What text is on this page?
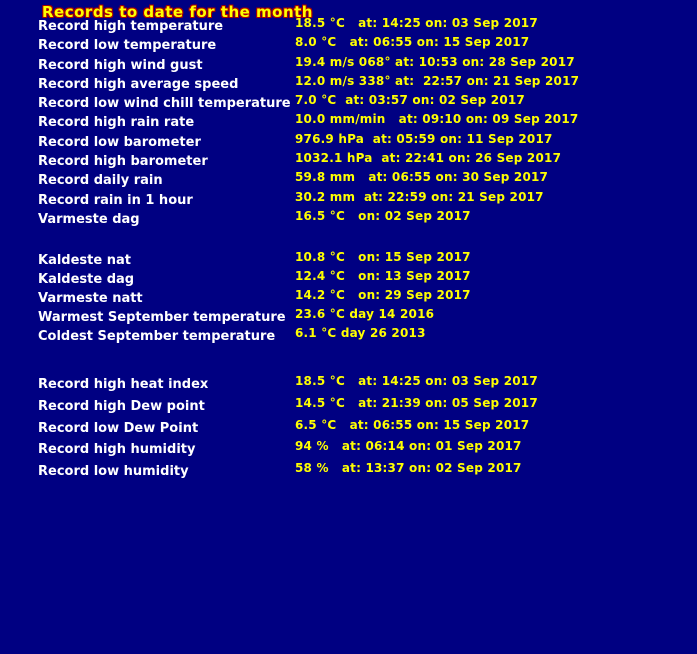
Records to date for the month
Record high temperature	18.5 °C   at: 14:25 on: 03 Sep 2017
Record low temperature	8.0 °C   at: 06:55 on: 15 Sep 2017
Record high wind gust	19.4 m/s 068° at: 10:53 on: 28 Sep 2017
Record high average speed	12.0 m/s 338° at:  22:57 on: 21 Sep 2017
Record low wind chill temperature 7.0 °C  at: 03:57 on: 02 Sep 2017
Record high rain rate	10.0 mm/min   at: 09:10 on: 09 Sep 2017
Record low barometer	976.9 hPa  at: 05:59 on: 11 Sep 2017
Record high barometer	1032.1 hPa  at: 22:41 on: 26 Sep 2017
Record daily rain	59.8 mm   at: 06:55 on: 30 Sep 2017
Record rain in 1 hour	30.2 mm  at: 22:59 on: 21 Sep 2017
Varmeste dag	16.5 °C   on: 02 Sep 2017
Kaldeste nat	10.8 °C   on: 15 Sep 2017
Kaldeste dag	12.4 °C   on: 13 Sep 2017
Varmeste natt	14.2 °C   on: 29 Sep 2017
Warmest September temperature 23.6 °C day 14 2016
Coldest September temperature 6.1 °C day 26 2013
Record high heat index	18.5 °C   at: 14:25 on: 03 Sep 2017
Record high Dew point	14.5 °C   at: 21:39 on: 05 Sep 2017
Record low Dew Point	6.5 °C   at: 06:55 on: 15 Sep 2017
Record high humidity	94 %   at: 06:14 on: 01 Sep 2017
Record low humidity	58 %   at: 13:37 on: 02 Sep 2017
